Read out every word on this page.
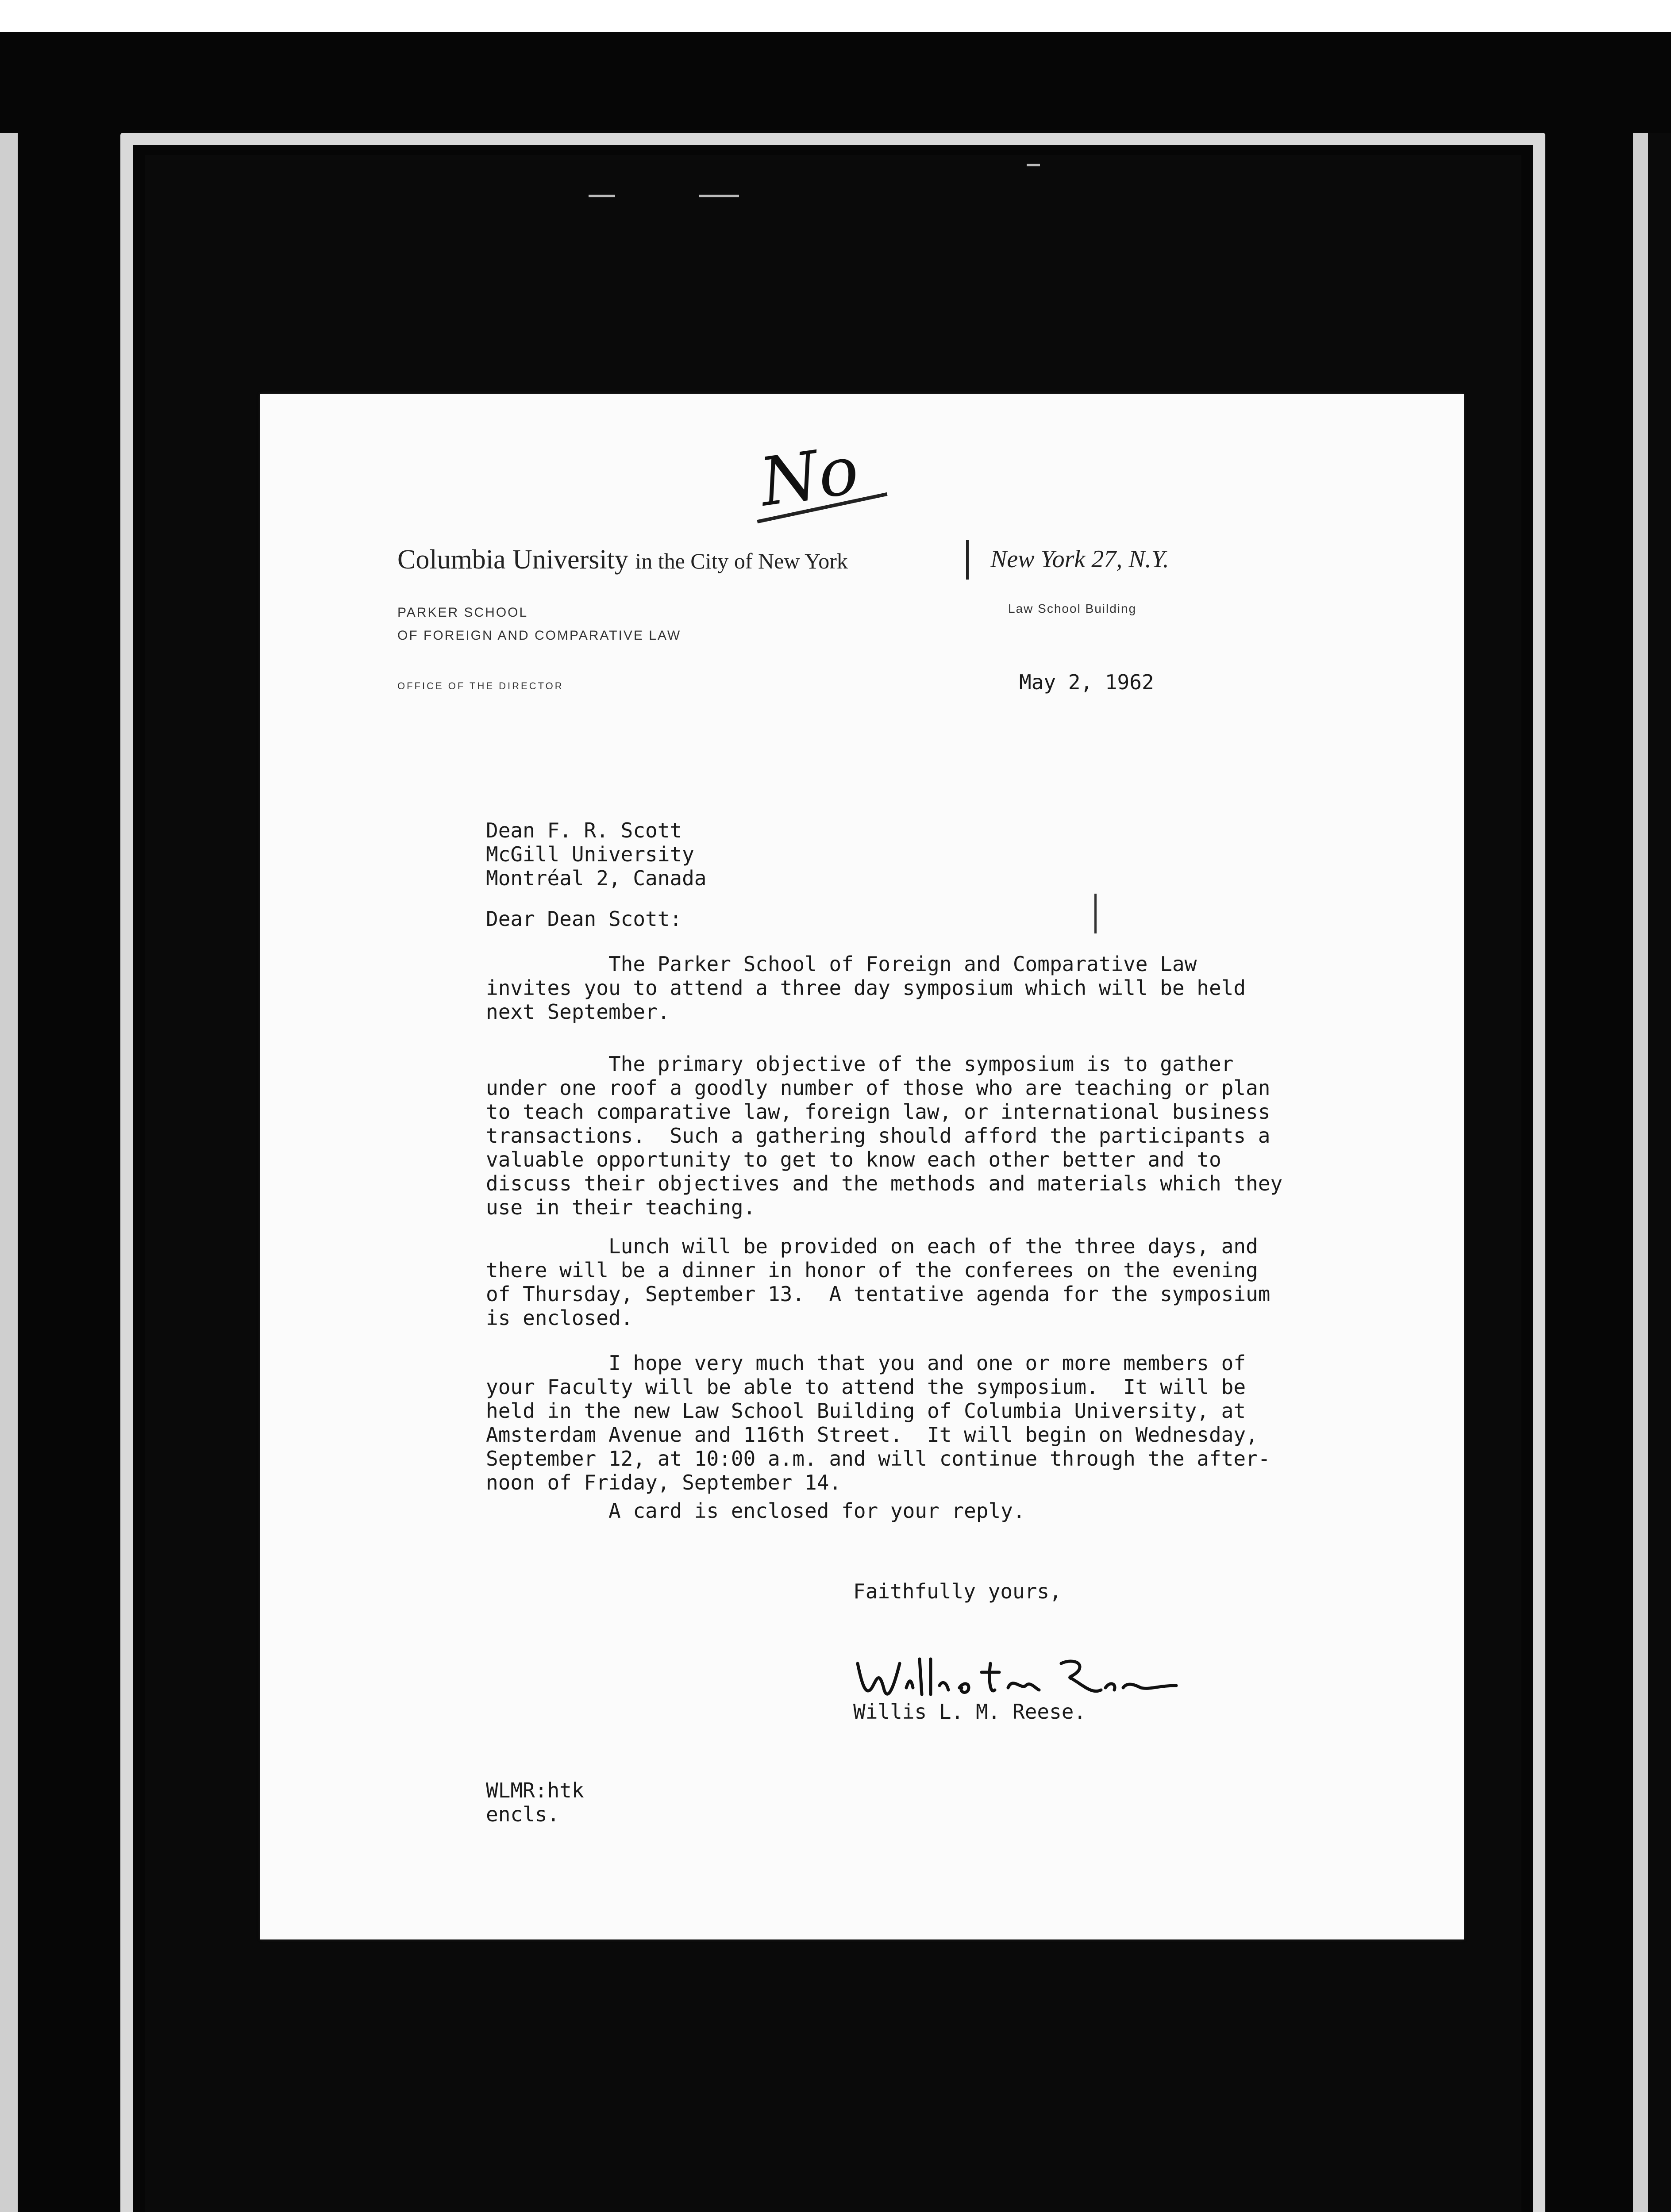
No
Columbia University in the City of New York	New York 27, N.Y.
PARKER SCHOOL
OF FOREIGN AND COMPARATIVE LAW
OFFICE OF THE DIRECTOR
Law School Building
May 2, 1962
Dean F. R. Scott
McGill University
Montréal 2, Canada
Dear Dean Scott:
The Parker School of Foreign and Comparative Law
invites you to attend a three day symposium which will be held
next September.
The primary objective of the symposium is to gather
under one roof a goodly number of those who are teaching or plan
to teach comparative law, foreign law, or international business
transactions.  Such a gathering should afford the participants a
valuable opportunity to get to know each other better and to
discuss their objectives and the methods and materials which they
use in their teaching.
Lunch will be provided on each of the three days, and
there will be a dinner in honor of the conferees on the evening
of Thursday, September 13.  A tentative agenda for the symposium
is enclosed.
I hope very much that you and one or more members of
your Faculty will be able to attend the symposium.  It will be
held in the new Law School Building of Columbia University, at
Amsterdam Avenue and 116th Street.  It will begin on Wednesday,
September 12, at 10:00 a.m. and will continue through the after-
noon of Friday, September 14.
A card is enclosed for your reply.
Faithfully yours,
Willis L. M. Reese.
WLMR:htk
encls.
